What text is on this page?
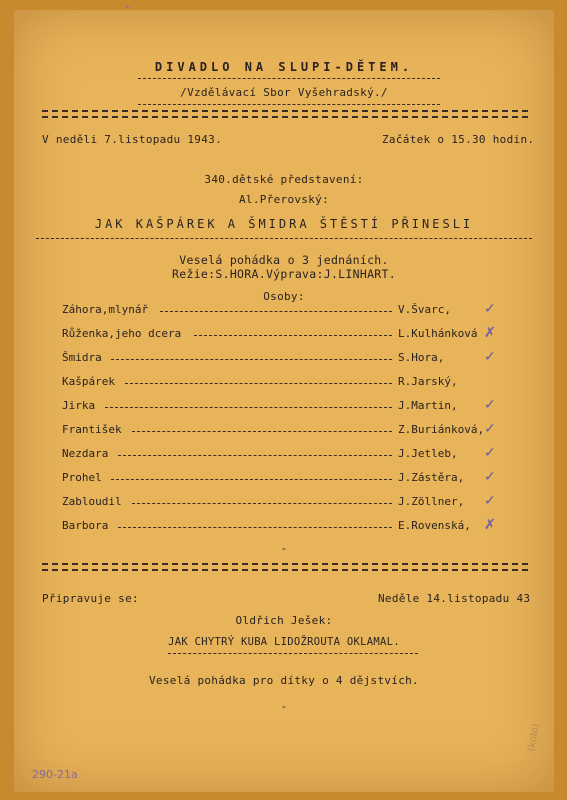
ˇ
DIVADLO NA SLUPI-DĚTEM.
/Vzdělávací Sbor Vyšehradský./
V neděli 7.listopadu 1943.	Začátek o 15.30 hodin.
340.dětské představení:
Al.Přerovský:
JAK KAŠPÁREK A ŠMIDRA ŠTĚSTÍ PŘINESLI
Veselá pohádka o 3 jednáních.
Režie:S.HORA.Výprava:J.LINHART.
Osoby:
Záhora,mlynář	V.Švarc, ✓
Růženka,jeho dcera	L.Kulhánková ✗
Šmidra	S.Hora,	✓
Kašpárek	R.Jarský,
Jirka	J.Martin, ✓
František	Z.Buriánková, ✓
Nezdara	J.Jetleb, ✓
Prohel	J.Zástěra, ✓
Zabloudil	J.Zöllner, ✓
Barbora	E.Rovenská, ✗
-
Připravuje se:	Neděle 14.listopadu 43
Oldřich Ješek:
JAK CHYTRÝ KUBA LIDOŽROUTA OKLAMAL.
Veselá pohádka pro dítky o 4 dějstvích.
-
(kolo)
290-21a
